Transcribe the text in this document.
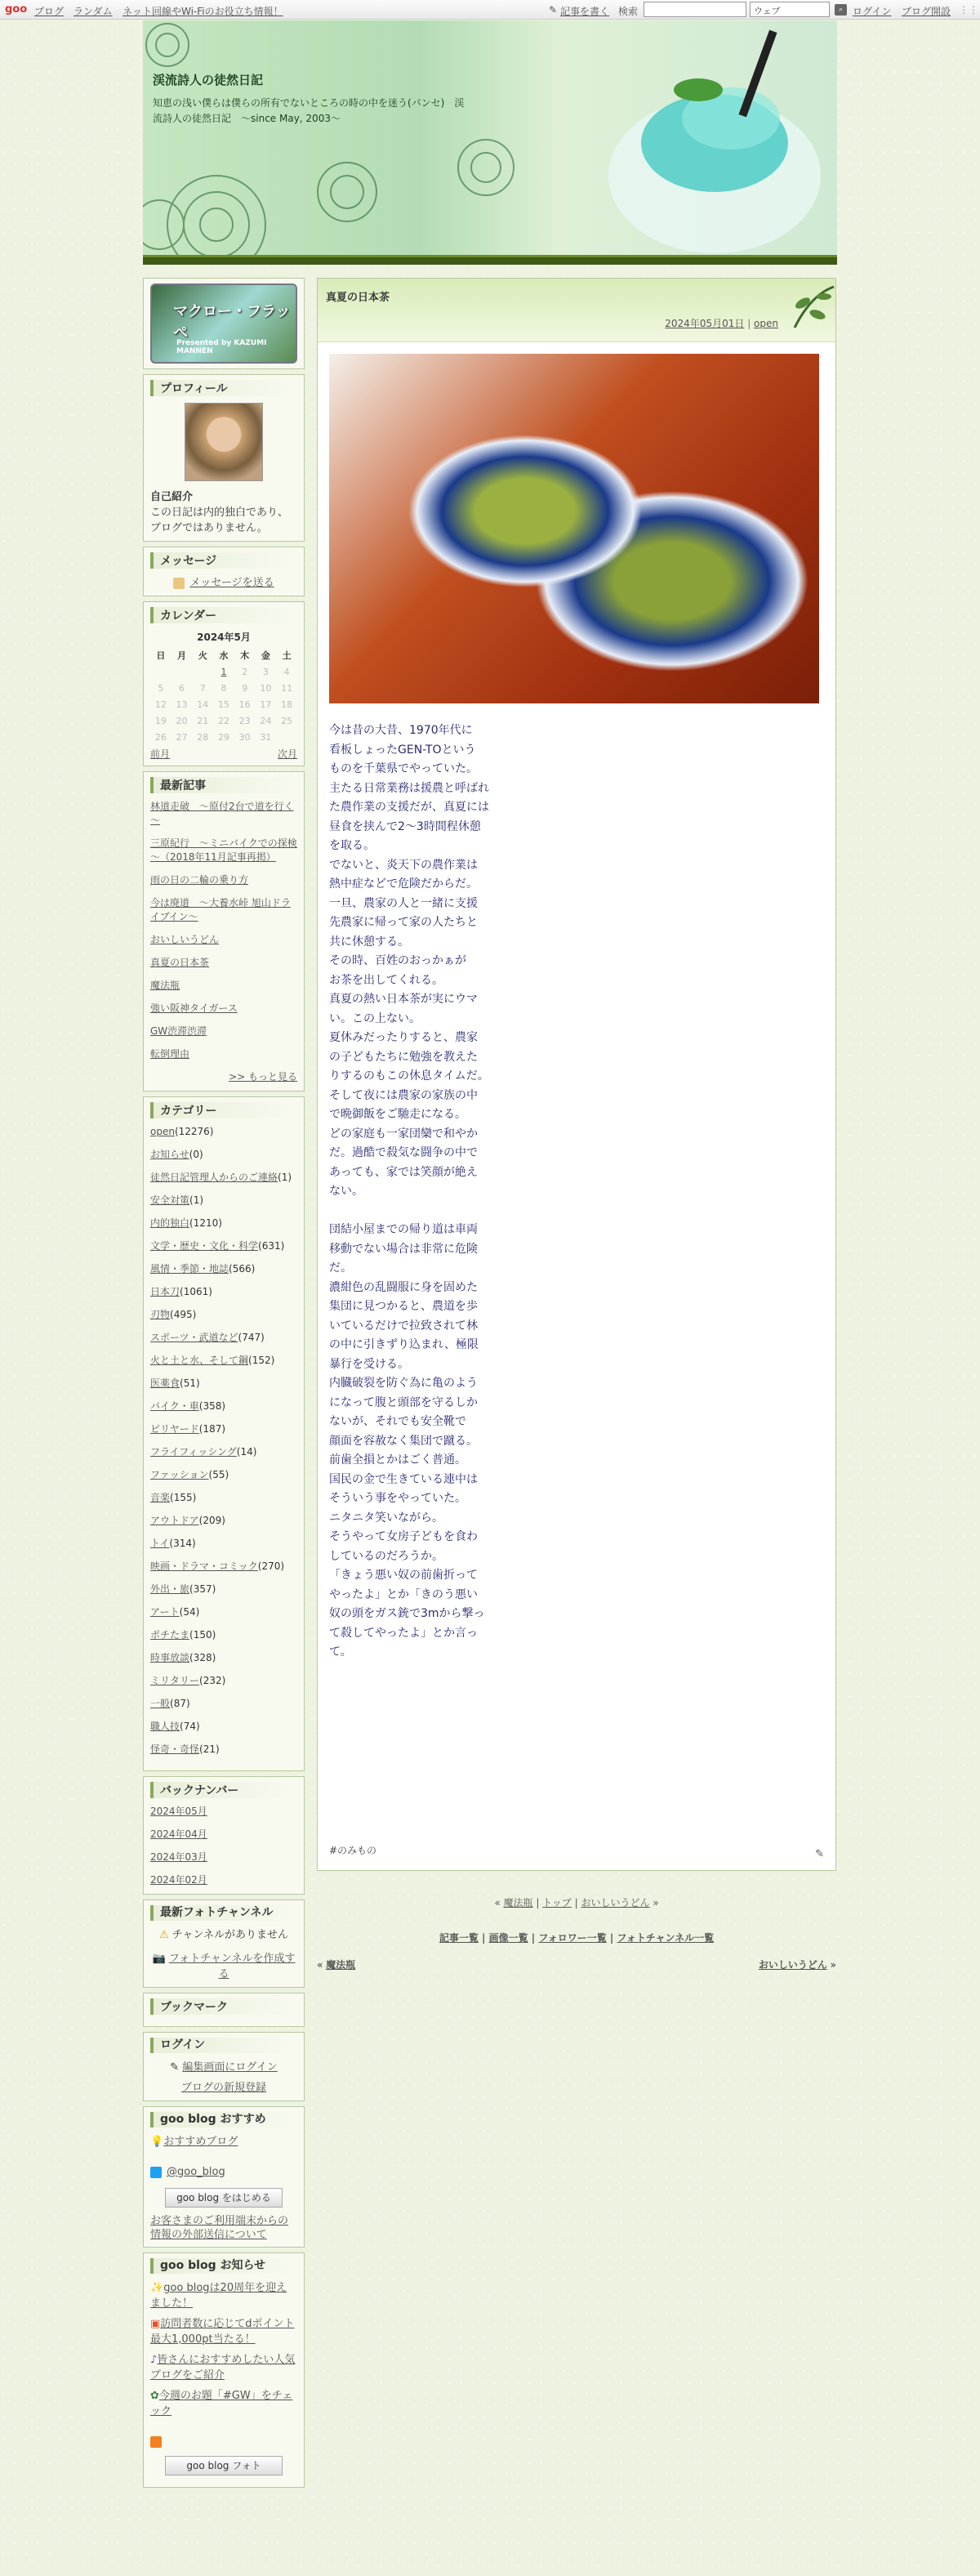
goo ブログ ランダム ネット回線やWi-Fiのお役立ち情報！	✎ 記事を書く 検索	ウェブ	⌕ ログイン ブログ開設 ⋮⋮
渓流詩人の徒然日記
知恵の浅い僕らは僕らの所有でないところの時の中を迷う(パンセ)　渓流詩人の徒然日記　～since May, 2003～
マクロー・フラッペ
Presented by KAZUMI MANNEN
プロフィール
自己紹介
この日記は内的独白であり、ブログではありません。
メッセージ
メッセージを送る
カレンダー
2024年5月
日	月	火	水	木	金	土
			1	2	3	4
5	6	7	8	9	10	11
12	13	14	15	16	17	18
19	20	21	22	23	24	25
26	27	28	29	30	31	
前月	次月
最新記事
林道走破　～原付2台で道を行く～
三原紀行　～ミニバイクでの探検～（2018年11月記事再掲）
雨の日の二輪の乗り方
今は廃道　～大養水峠 旭山ドライブイン～
おいしいうどん
真夏の日本茶
魔法瓶
強い阪神タイガース
GW渋滞渋滞
転倒理由
>> もっと見る
カテゴリー
open(12276)
お知らせ(0)
徒然日記管理人からのご連絡(1)
安全対策(1)
内的独白(1210)
文学・歴史・文化・科学(631)
風情・季節・地誌(566)
日本刀(1061)
刃物(495)
スポーツ・武道など(747)
火と土と水、そして鋼(152)
医薬食(51)
バイク・車(358)
ビリヤード(187)
フライフィッシング(14)
ファッション(55)
音楽(155)
アウトドア(209)
トイ(314)
映画・ドラマ・コミック(270)
外出・旅(357)
アート(54)
ポチたま(150)
時事放談(328)
ミリタリー(232)
一般(87)
職人技(74)
怪奇・奇怪(21)
バックナンバー
2024年05月
2024年04月
2024年03月
2024年02月
最新フォトチャンネル
⚠ チャンネルがありません
📷 フォトチャンネルを作成する
ブックマーク
ログイン
✎ 編集画面にログイン
ブログの新規登録
goo blog おすすめ
💡おすすめブログ
@goo_blog
goo blog をはじめる
お客さまのご利用端末からの情報の外部送信について
goo blog お知らせ
✨goo blogは20周年を迎えました！
▣訪問者数に応じてdポイント最大1,000pt当たる！
♪皆さんにおすすめしたい人気ブログをご紹介
✿今週のお題「#GW」をチェック
goo blog フォト
真夏の日本茶
2024年05月01日 | open
今は昔の大昔、1970年代に
看板しょったGEN-TOという
ものを千葉県でやっていた。
主たる日常業務は援農と呼ばれ
た農作業の支援だが、真夏には
昼食を挟んで2～3時間程休憩
を取る。
でないと、炎天下の農作業は
熱中症などで危険だからだ。
一旦、農家の人と一緒に支援
先農家に帰って家の人たちと
共に休憩する。
その時、百姓のおっかぁが
お茶を出してくれる。
真夏の熱い日本茶が実にウマ
い。この上ない。
夏休みだったりすると、農家
の子どもたちに勉強を教えた
りするのもこの休息タイムだ。
そして夜には農家の家族の中
で晩御飯をご馳走になる。
どの家庭も一家団欒で和やか
だ。過酷で殺気な闘争の中で
あっても、家では笑顔が絶え
ない。

団結小屋までの帰り道は車両
移動でない場合は非常に危険
だ。
濃紺色の乱闘服に身を固めた
集団に見つかると、農道を歩
いているだけで拉致されて林
の中に引きずり込まれ、極限
暴行を受ける。
内臓破裂を防ぐ為に亀のよう
になって腹と頭部を守るしか
ないが、それでも安全靴で
顔面を容赦なく集団で蹴る。
前歯全損とかはごく普通。
国民の金で生きている連中は
そういう事をやっていた。
ニタニタ笑いながら。
そうやって女房子どもを食わ
しているのだろうか。
「きょう悪い奴の前歯折って
やったよ」とか「きのう悪い
奴の頭をガス銃で3mから撃っ
て殺してやったよ」とか言って。
#のみもの	✎
« 魔法瓶 | トップ | おいしいうどん »
記事一覧 | 画像一覧 | フォロワー一覧 | フォトチャンネル一覧
« 魔法瓶	おいしいうどん »
